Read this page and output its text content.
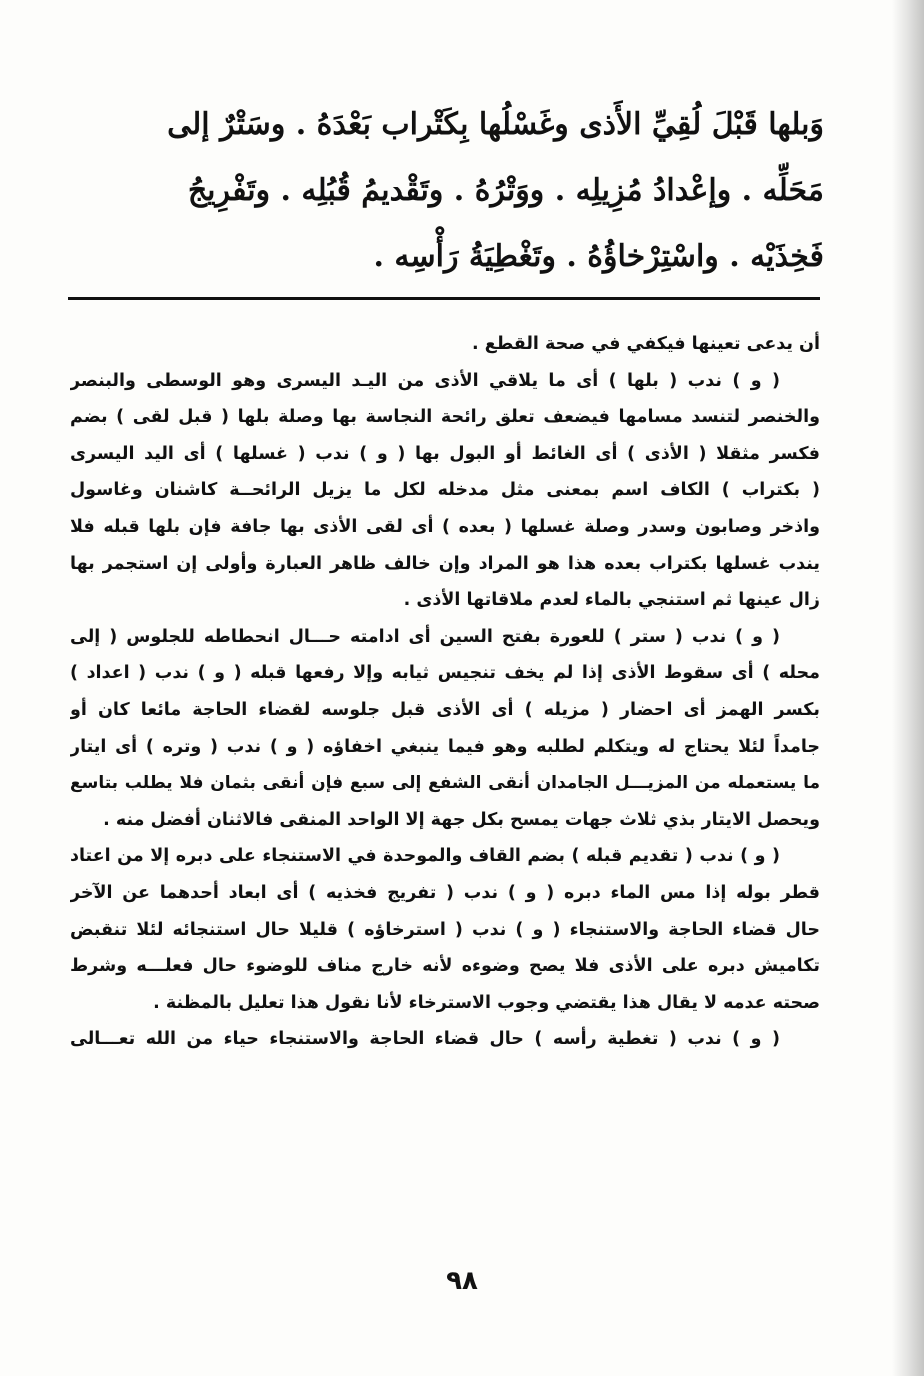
وَبلها قَبْلَ لُقِيِّ الأَذى وغَسْلُها بِكَتْراب بَعْدَهُ . وسَتْرٌ إلى
مَحَلِّه . وإعْدادُ مُزِيلِه . ووَتْرُهُ . وتَقْديمُ قُبُلِه . وتَفْرِيجُ
فَخِذَيْه . واسْتِرْخاؤُهُ . وتَغْطِيَةُ رَأْسِه .
أن يدعى تعينها فيكفي في صحة القطع .
( و ) ندب ( بلها ) أى ما يلاقي الأذى من اليـد اليسرى وهو الوسطى والبنصر
والخنصر لتنسد مسامها فيضعف تعلق رائحة النجاسة بها وصلة بلها ( قبل لقى ) بضم
فكسر مثقلا ( الأذى ) أى الغائط أو البول بها ( و ) ندب ( غسلها ) أى اليد اليسرى
( بكتراب ) الكاف اسم بمعنى مثل مدخله لكل ما يزيل الرائحــة كاشنان وغاسول
واذخر وصابون وسدر وصلة غسلها ( بعده ) أى لقى الأذى بها جافة فإن بلها قبله فلا
يندب غسلها بكتراب بعده هذا هو المراد وإن خالف ظاهر العبارة وأولى إن استجمر بها
زال عينها ثم استنجي بالماء لعدم ملاقاتها الأذى .
( و ) ندب ( ستر ) للعورة بفتح السين أى ادامته حـــال انحطاطه للجلوس ( إلى
محله ) أى سقوط الأذى إذا لم يخف تنجيس ثيابه وإلا رفعها قبله ( و ) ندب ( اعداد )
بكسر الهمز أى احضار ( مزيله ) أى الأذى قبل جلوسه لقضاء الحاجة مائعا كان أو
جامداً لئلا يحتاج له ويتكلم لطلبه وهو فيما ينبغي اخفاؤه ( و ) ندب ( وتره ) أى ايتار
ما يستعمله من المزيـــل الجامدان أنقى الشفع إلى سبع فإن أنقى بثمان فلا يطلب بتاسع
ويحصل الايتار بذي ثلاث جهات يمسح بكل جهة إلا الواحد المنقى فالاثنان أفضل منه .
( و ) ندب ( تقديم قبله ) بضم القاف والموحدة في الاستنجاء على دبره إلا من اعتاد
قطر بوله إذا مس الماء دبره ( و ) ندب ( تفريج فخذيه ) أى ابعاد أحدهما عن الآخر
حال قضاء الحاجة والاستنجاء ( و ) ندب ( استرخاؤه ) قليلا حال استنجائه لئلا تنقبض
تكاميش دبره على الأذى فلا يصح وضوءه لأنه خارج مناف للوضوء حال فعلـــه وشرط
صحته عدمه لا يقال هذا يقتضي وجوب الاسترخاء لأنا نقول هذا تعليل بالمظنة .
( و ) ندب ( تغطية رأسه ) حال قضاء الحاجة والاستنجاء حياء من الله تعـــالى
٩٨
